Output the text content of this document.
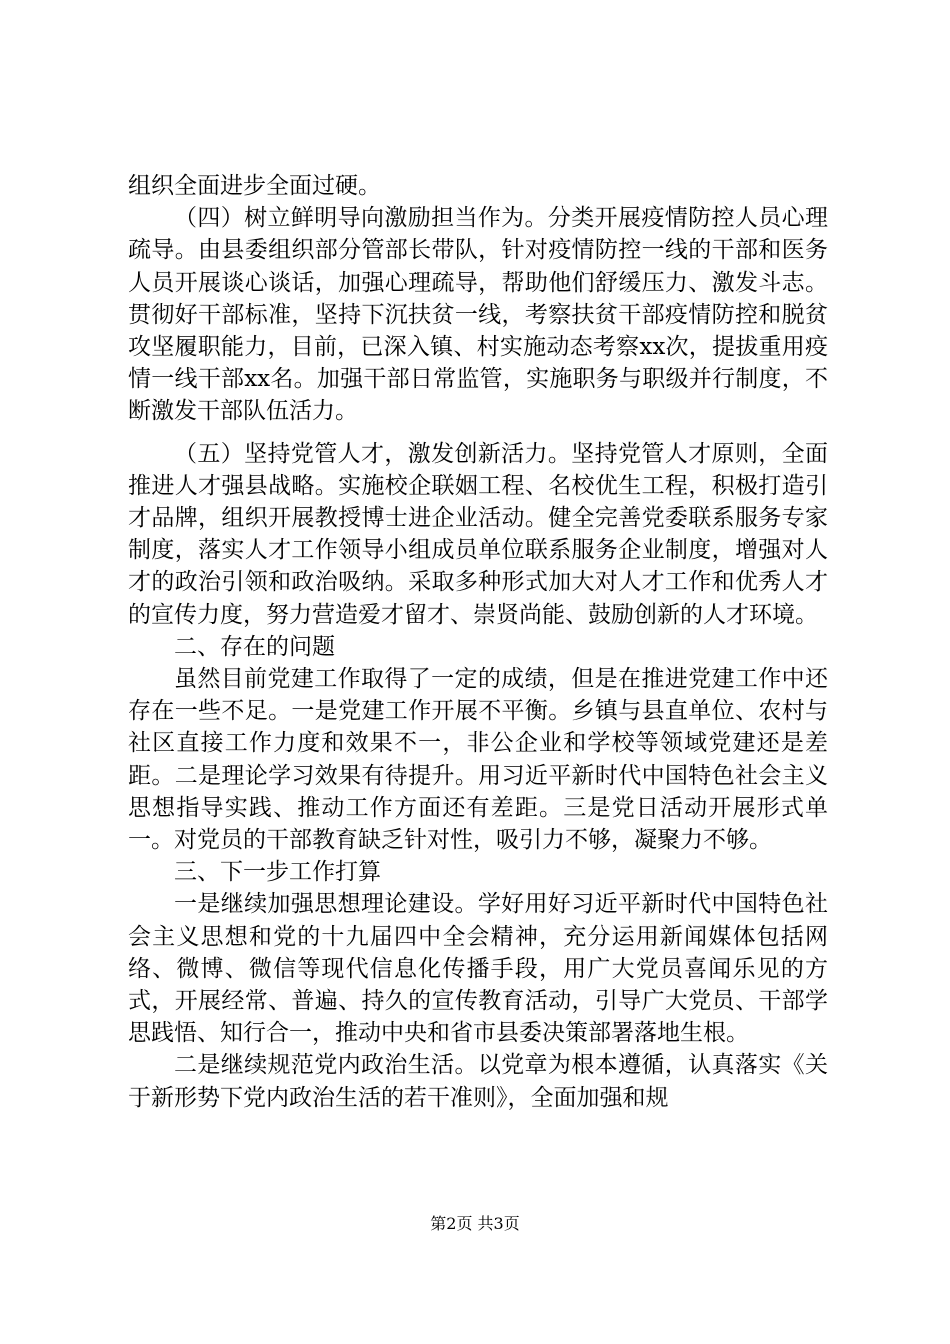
组织全面进步全面过硬。

（四）树立鲜明导向激励担当作为。分类开展疫情防控人员心理疏导。由县委组织部分管部长带队，针对疫情防控一线的干部和医务人员开展谈心谈话，加强心理疏导，帮助他们舒缓压力、激发斗志。贯彻好干部标准，坚持下沉扶贫一线，考察扶贫干部疫情防控和脱贫攻坚履职能力，目前，已深入镇、村实施动态考察xx次，提拔重用疫情一线干部xx名。加强干部日常监管，实施职务与职级并行制度，不断激发干部队伍活力。

（五）坚持党管人才，激发创新活力。坚持党管人才原则，全面推进人才强县战略。实施校企联姻工程、名校优生工程，积极打造引才品牌，组织开展教授博士进企业活动。健全完善党委联系服务专家制度，落实人才工作领导小组成员单位联系服务企业制度，增强对人才的政治引领和政治吸纳。采取多种形式加大对人才工作和优秀人才的宣传力度，努力营造爱才留才、崇贤尚能、鼓励创新的人才环境。

二、存在的问题

虽然目前党建工作取得了一定的成绩，但是在推进党建工作中还存在一些不足。一是党建工作开展不平衡。乡镇与县直单位、农村与社区直接工作力度和效果不一，非公企业和学校等领域党建还是差距。二是理论学习效果有待提升。用习近平新时代中国特色社会主义思想指导实践、推动工作方面还有差距。三是党日活动开展形式单一。对党员的干部教育缺乏针对性，吸引力不够，凝聚力不够。

三、下一步工作打算

一是继续加强思想理论建设。学好用好习近平新时代中国特色社会主义思想和党的十九届四中全会精神，充分运用新闻媒体包括网络、微博、微信等现代信息化传播手段，用广大党员喜闻乐见的方式，开展经常、普遍、持久的宣传教育活动，引导广大党员、干部学思践悟、知行合一，推动中央和省市县委决策部署落地生根。

二是继续规范党内政治生活。以党章为根本遵循，认真落实《关于新形势下党内政治生活的若干准则》，全面加强和规

第2页 共3页
